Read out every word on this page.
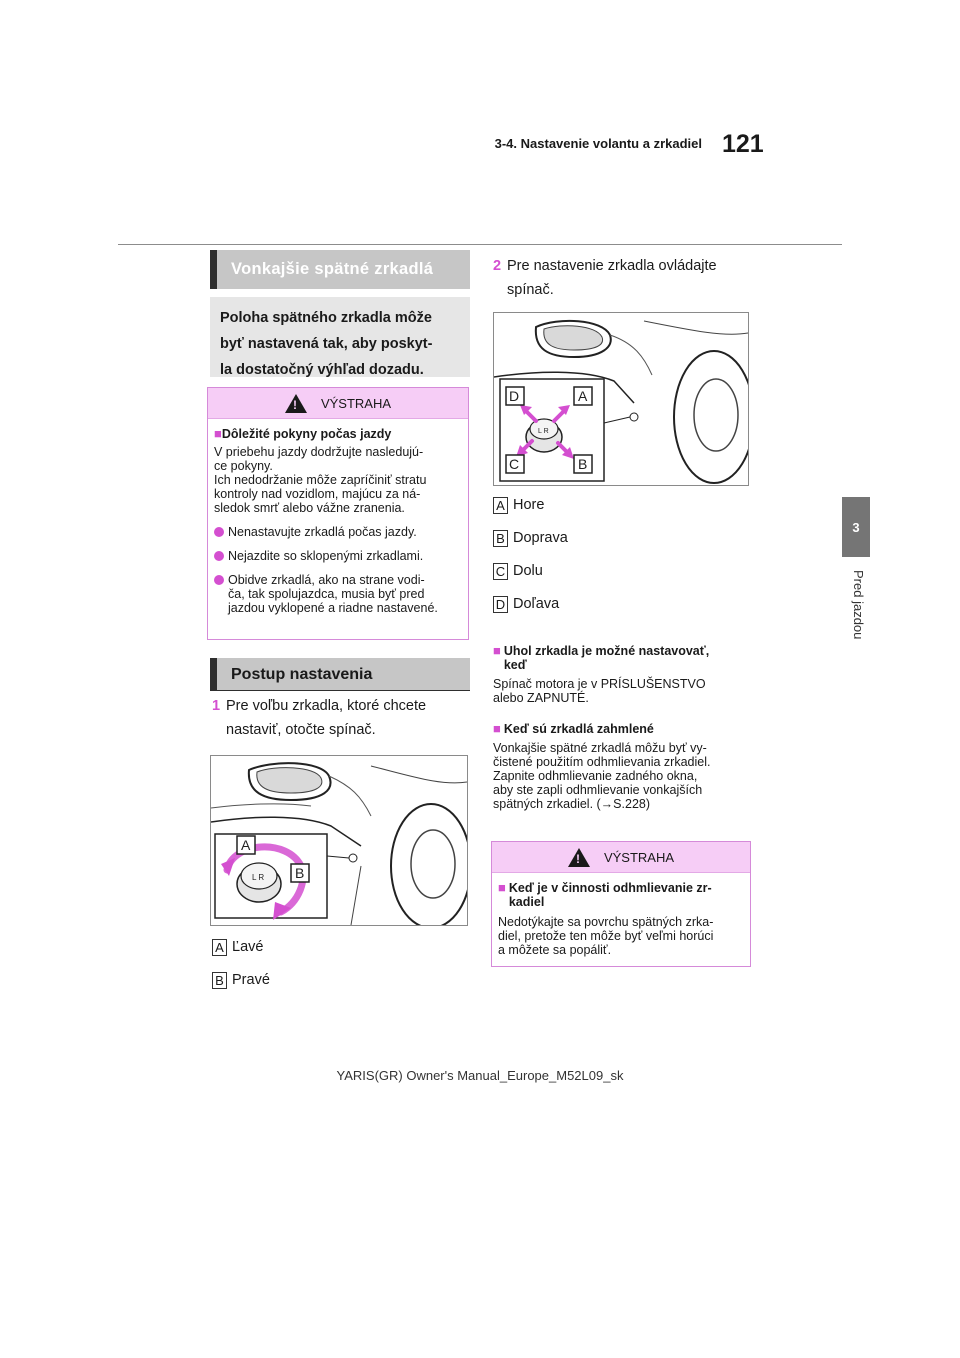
3-4. Nastavenie volantu a zrkadiel 121
3
Pred jazdou
Vonkajšie spätné zrkadlá
Poloha spätného zrkadla môže
byť nastavená tak, aby poskyt-
la dostatočný výhľad dozadu.
!
VÝSTRAHA
■Dôležité pokyny počas jazdy
V priebehu jazdy dodržujte nasledujú-
ce pokyny.
Ich nedodržanie môže zapríčiniť stratu
kontroly nad vozidlom, majúcu za ná-
sledok smrť alebo vážne zranenia.
Nenastavujte zrkadlá počas jazdy.
Nejazdite so sklopenými zrkadlami.
Obidve zrkadlá, ako na strane vodi-
ča, tak spolujazdca, musia byť pred
jazdou vyklopené a riadne nastavené.
Postup nastavenia
1 Pre voľbu zrkadla, ktoré chcete
nastaviť, otočte spínač.
L R
A
B
A Ľavé
B Pravé
2 Pre nastavenie zrkadla ovládajte
spínač.
L R
D	A
C	B
A Hore
B Doprava
C Dolu
D Doľava
■ Uhol zrkadla je možné nastavovať,
keď
Spínač motora je v PRÍSLUŠENSTVO
alebo ZAPNUTÉ.
■ Keď sú zrkadlá zahmlené
Vonkajšie spätné zrkadlá môžu byť vy-
čistené použitím odhmlievania zrkadiel.
Zapnite odhmlievanie zadného okna,
aby ste zapli odhmlievanie vonkajších
spätných zrkadiel. (→S.228)
!
VÝSTRAHA
■ Keď je v činnosti odhmlievanie zr-
kadiel
Nedotýkajte sa povrchu spätných zrka-
diel, pretože ten môže byť veľmi horúci
a môžete sa popáliť.
YARIS(GR) Owner's Manual_Europe_M52L09_sk
